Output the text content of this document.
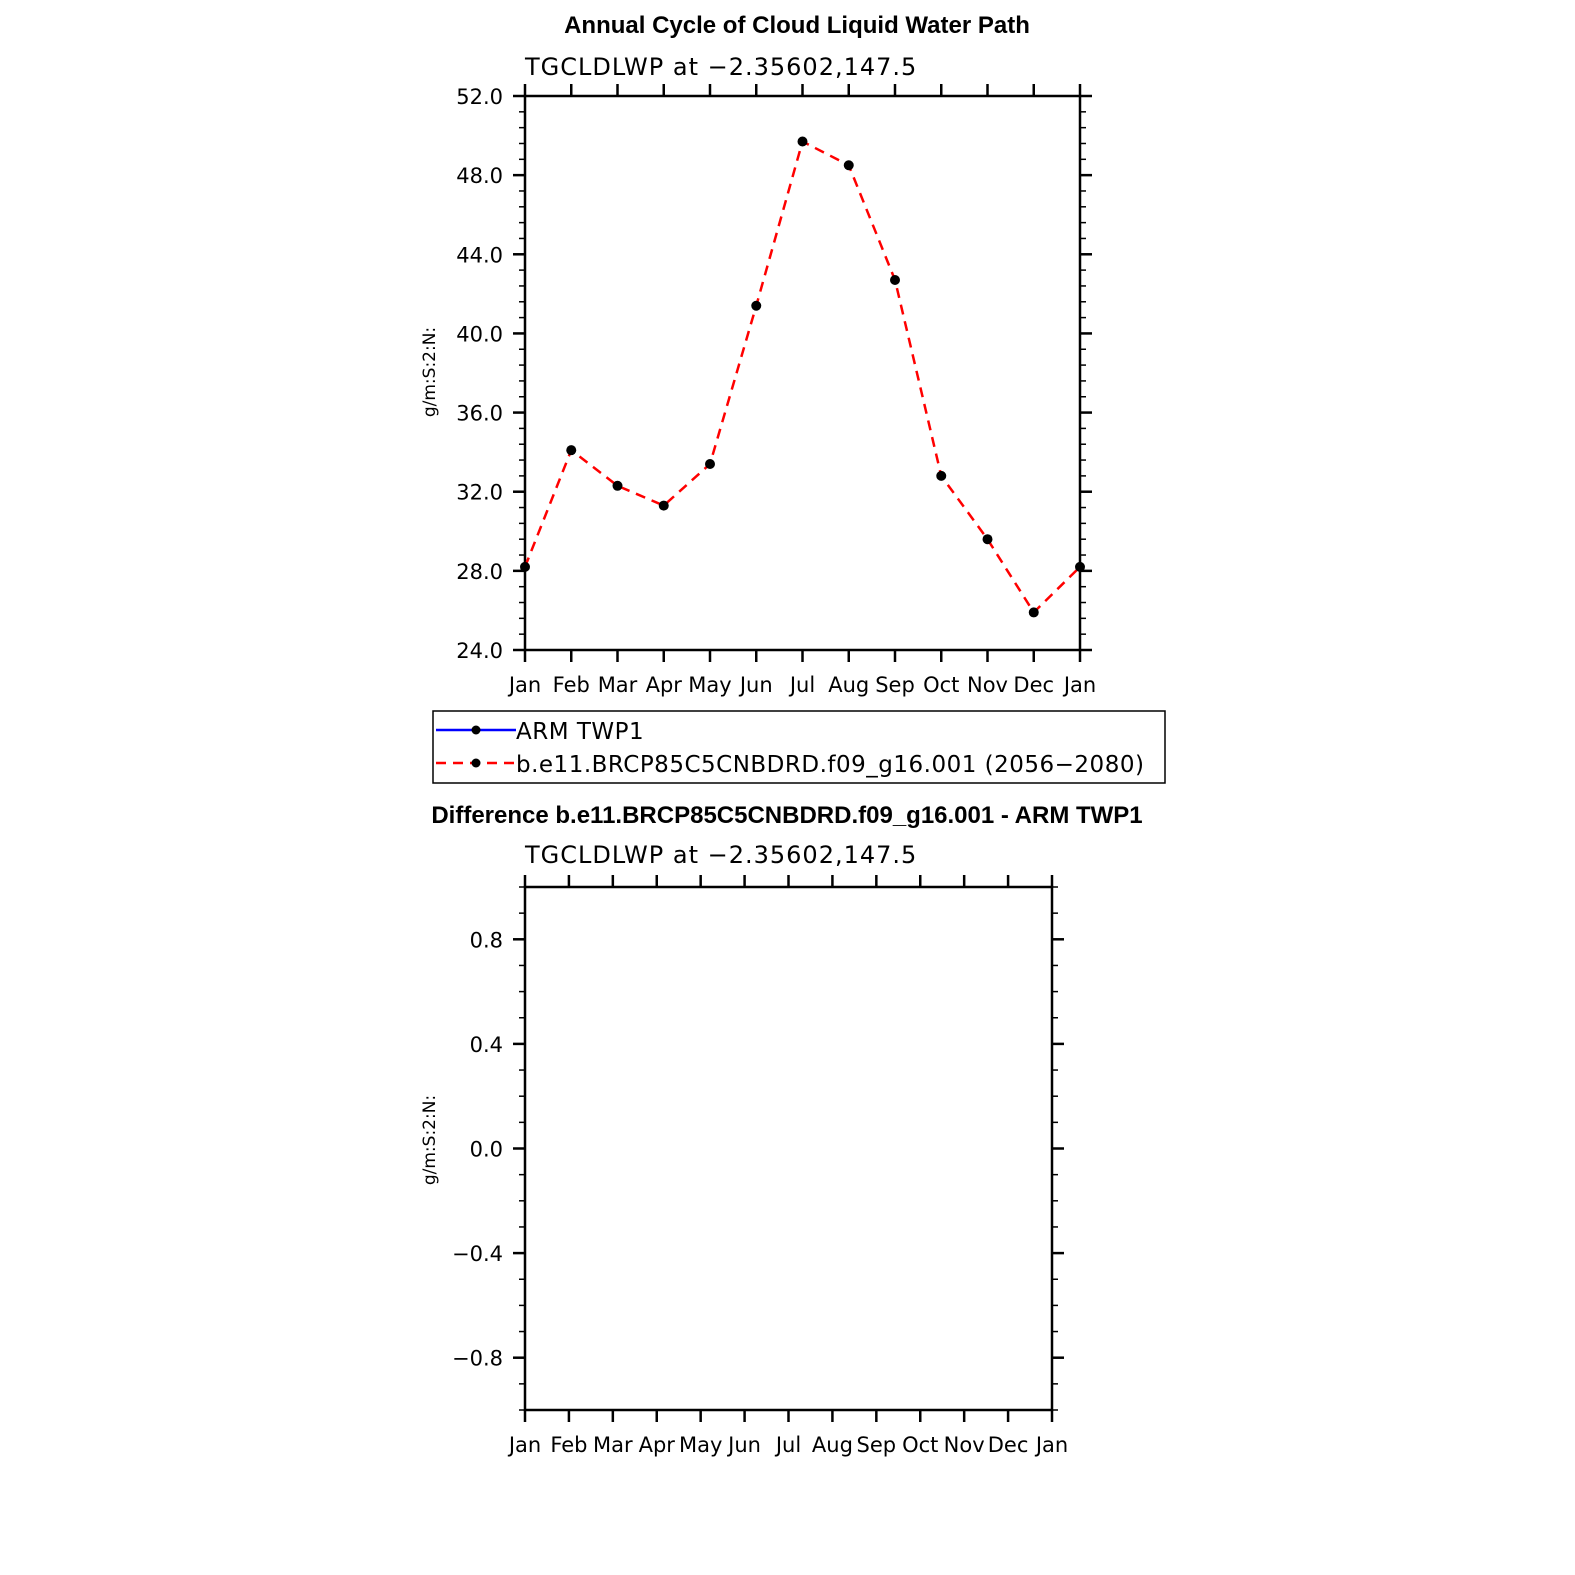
Annual Cycle of Cloud Liquid Water Path
TGCLDLWP at −2.35602,147.5
24.0
28.0
32.0
36.0
40.0
44.0
48.0
52.0
Jan Feb Mar Apr May Jun Jul Aug Sep Oct Nov Dec Jan
g/m:S:2:N:
ARM TWP1
b.e11.BRCP85C5CNBDRD.f09_g16.001 (2056−2080)
Difference b.e11.BRCP85C5CNBDRD.f09_g16.001 - ARM TWP1
TGCLDLWP at −2.35602,147.5
−0.8
−0.4
0.0
0.4
0.8
Jan Feb Mar Apr May Jun Jul Aug Sep Oct Nov Dec Jan
g/m:S:2:N:
